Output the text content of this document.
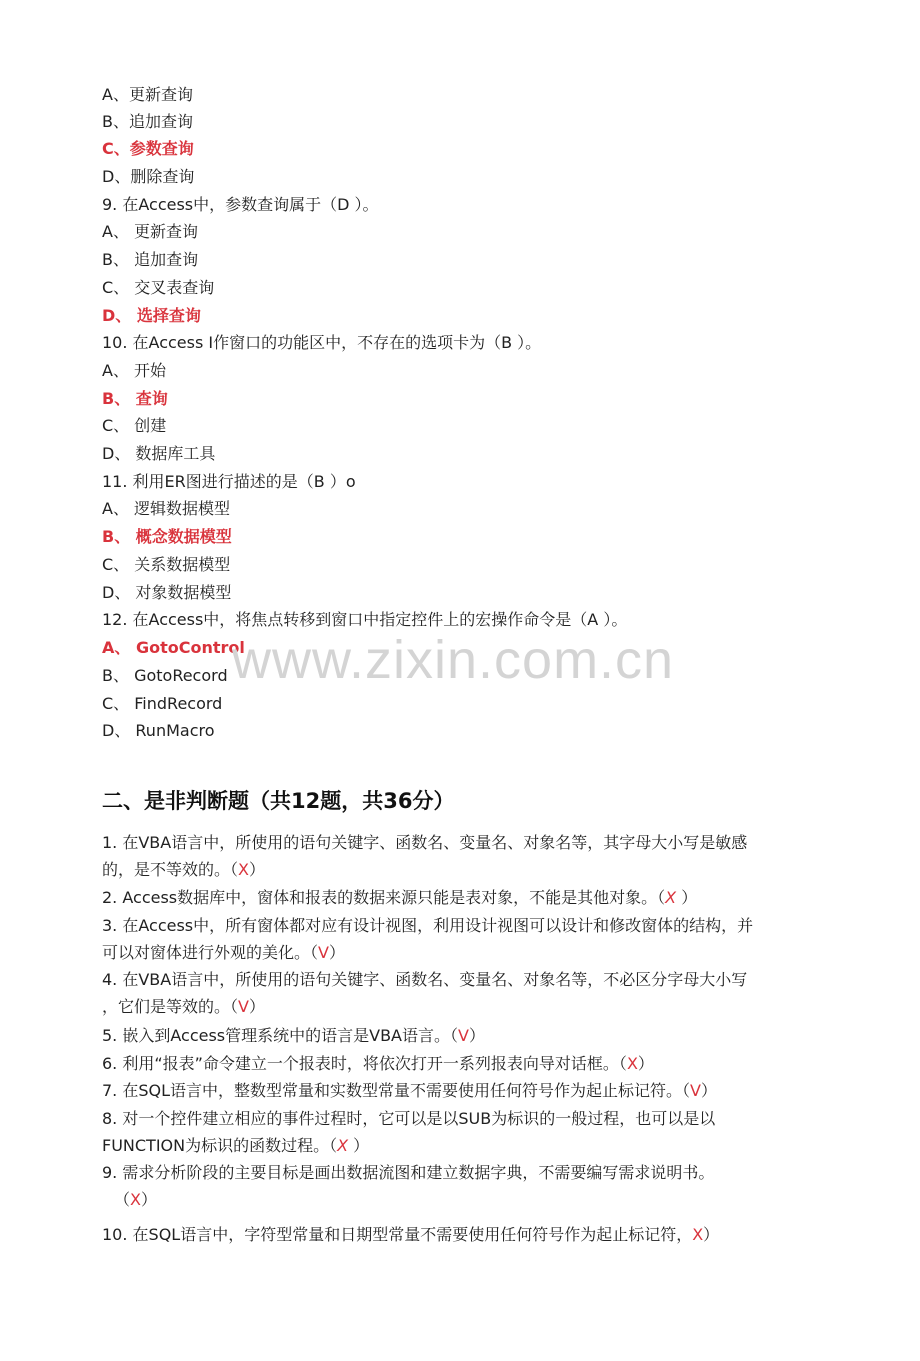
A、更新查询
B、追加查询
C、参数查询
D、删除查询
9. 在Access中，参数查询属于（D ）。
A、 更新查询
B、 追加查询
C、 交叉表查询
D、 选择查询
10. 在Access I作窗口的功能区中，不存在的选项卡为（B ）。
A、 开始
B、 查询
C、 创建
D、 数据库工具
11. 利用ER图进行描述的是（B ）o
A、 逻辑数据模型
B、 概念数据模型
C、 关系数据模型
D、 对象数据模型
12. 在Access中，将焦点转移到窗口中指定控件上的宏操作命令是（A ）。
A、 GotoControl
B、 GotoRecord
C、 FindRecord
D、 RunMacro
www.zixin.com.cn
二、是非判断题（共12题，共36分）
1. 在VBA语言中，所使用的语句关键字、函数名、变量名、对象名等，其字母大小写是敏感
的，是不等效的。（X）
2. Access数据库中，窗体和报表的数据来源只能是表对象，不能是其他对象。（X ）
3. 在Access中，所有窗体都对应有设计视图，利用设计视图可以设计和修改窗体的结构，并
可以对窗体进行外观的美化。（V）
4. 在VBA语言中，所使用的语句关键字、函数名、变量名、对象名等，不必区分字母大小写
，它们是等效的。（V）
5. 嵌入到Access管理系统中的语言是VBA语言。（V）
6. 利用“报表”命令建立一个报表时，将依次打开一系列报表向导对话框。（X）
7. 在SQL语言中，整数型常量和实数型常量不需要使用任何符号作为起止标记符。（V）
8. 对一个控件建立相应的事件过程时，它可以是以SUB为标识的一般过程，也可以是以
FUNCTION为标识的函数过程。（X ）
9. 需求分析阶段的主要目标是画出数据流图和建立数据字典，不需要编写需求说明书。
（X）
10. 在SQL语言中，字符型常量和日期型常量不需要使用任何符号作为起止标记符，X）
